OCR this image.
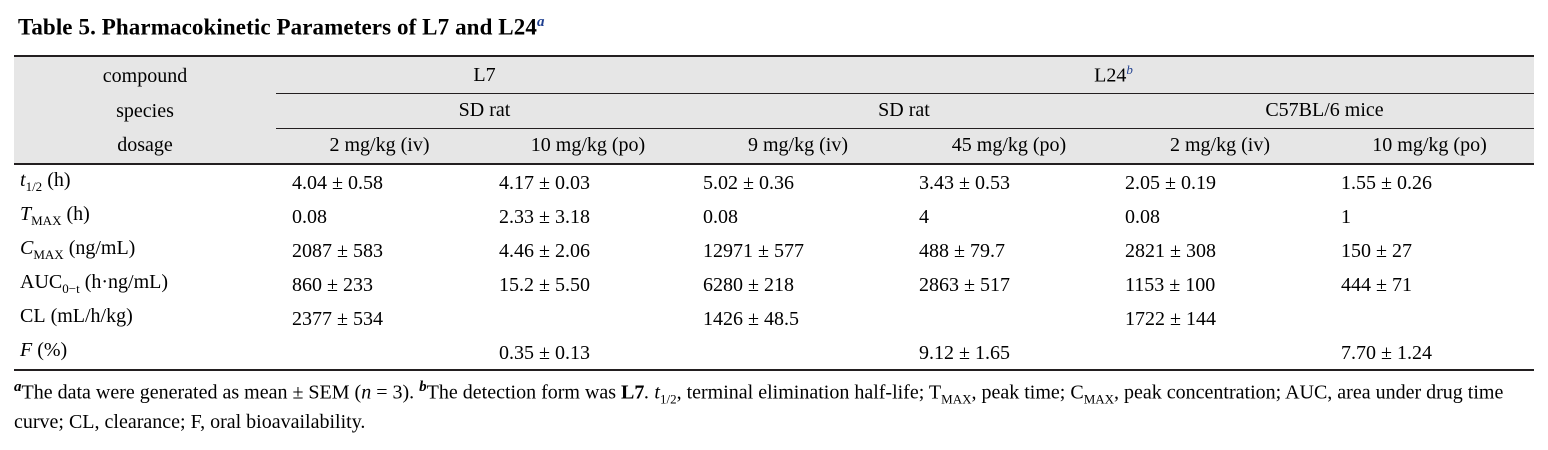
Table 5. Pharmacokinetic Parameters of L7 and L24$^a$
compound	L7		L24$^b$
species	SD rat		SD rat		C57BL/6 mice	
dosage	2 mg/kg (iv)	10 mg/kg (po)	9 mg/kg (iv)	45 mg/kg (po)	2 mg/kg (iv)	10 mg/kg (po)
$t_{1/2}$ (h)	4.04 ± 0.58	4.17 ± 0.03	5.02 ± 0.36	3.43 ± 0.53	2.05 ± 0.19	1.55 ± 0.26
$T_{MAX}$ (h)	0.08	2.33 ± 3.18	0.08	4	0.08	1
$C_{MAX}$ (ng/mL)	2087 ± 583	4.46 ± 2.06	12971 ± 577	488 ± 79.7	2821 ± 308	150 ± 27
$AUC_{0-t}$ (h·ng/mL)	860 ± 233	15.2 ± 5.50	6280 ± 218	2863 ± 517	1153 ± 100	444 ± 71
CL (mL/h/kg)	2377 ± 534		1426 ± 48.5		1722 ± 144	
F (%)		0.35 ± 0.13		9.12 ± 1.65		7.70 ± 1.24
$^a$The data were generated as mean ± SEM (n = 3). $^b$The detection form was L7. $t_{1/2}$, terminal elimination half-life; $T_{MAX}$, peak time; $C_{MAX}$, peak concentration; AUC, area under drug time curve; CL, clearance; F, oral bioavailability.
